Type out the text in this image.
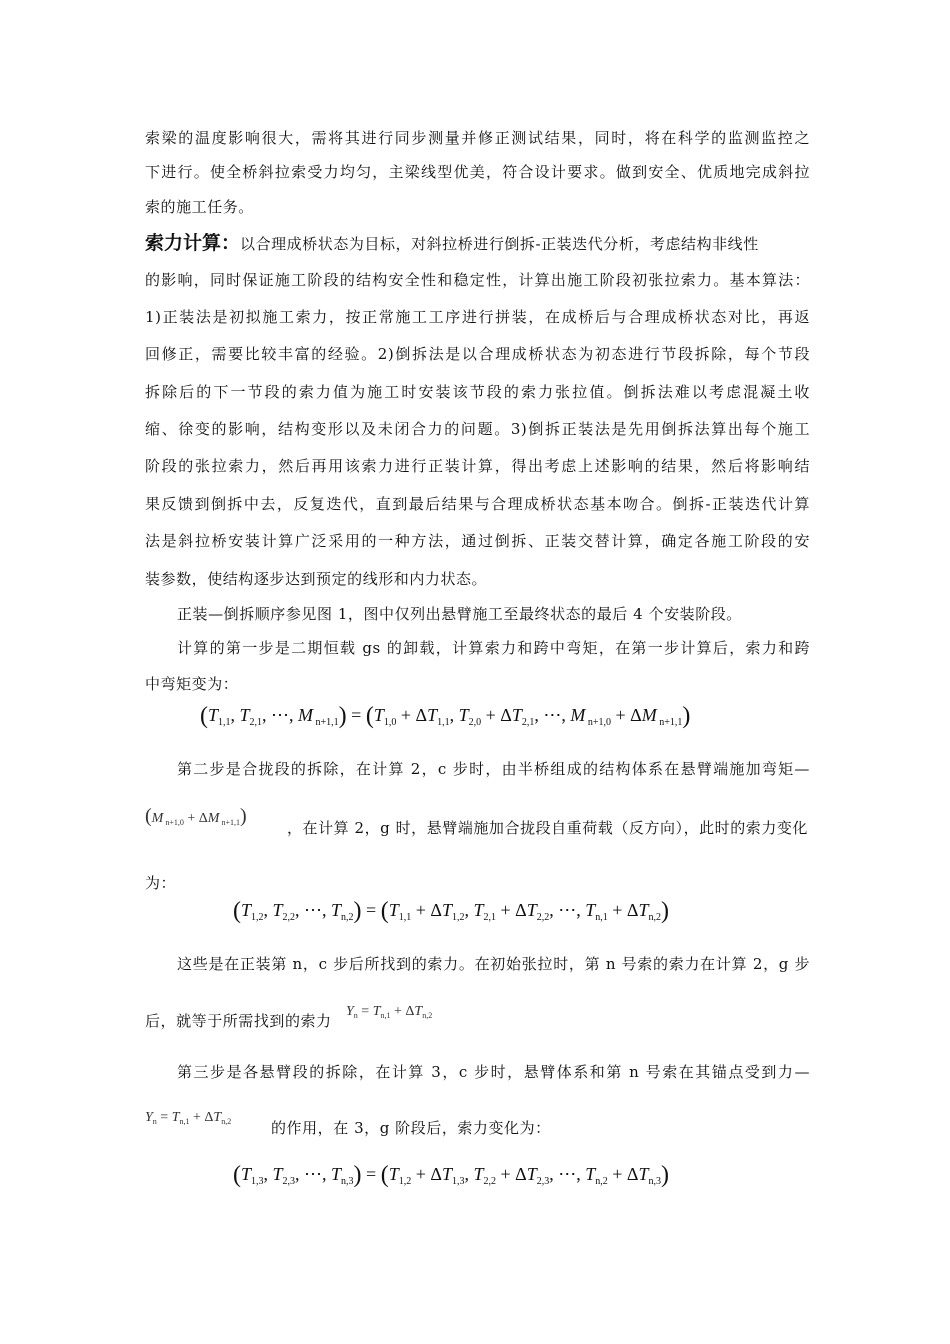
索梁的温度影响很大，需将其进行同步测量并修正测试结果，同时，将在科学的监测监控之
下进行。使全桥斜拉索受力均匀，主梁线型优美，符合设计要求。做到安全、优质地完成斜拉
索的施工任务。
索力计算：以合理成桥状态为目标，对斜拉桥进行倒拆-正装迭代分析，考虑结构非线性
的影响，同时保证施工阶段的结构安全性和稳定性，计算出施工阶段初张拉索力。基本算法：
1)正装法是初拟施工索力，按正常施工工序进行拼装，在成桥后与合理成桥状态对比，再返
回修正，需要比较丰富的经验。2)倒拆法是以合理成桥状态为初态进行节段拆除，每个节段
拆除后的下一节段的索力值为施工时安装该节段的索力张拉值。倒拆法难以考虑混凝土收
缩、徐变的影响，结构变形以及未闭合力的问题。3)倒拆正装法是先用倒拆法算出每个施工
阶段的张拉索力，然后再用该索力进行正装计算，得出考虑上述影响的结果，然后将影响结
果反馈到倒拆中去，反复迭代，直到最后结果与合理成桥状态基本吻合。倒拆-正装迭代计算
法是斜拉桥安装计算广泛采用的一种方法，通过倒拆、正装交替计算，确定各施工阶段的安
装参数，使结构逐步达到预定的线形和内力状态。
正装—倒拆顺序参见图 1，图中仅列出悬臂施工至最终状态的最后 4 个安装阶段。
计算的第一步是二期恒载 gs 的卸载，计算索力和跨中弯矩，在第一步计算后，索力和跨
中弯矩变为：
($T_{1,1}$, $T_{2,1}$, ⋯, M $_{n+1,1}) = (T_{1,0} + \Delta T_{1,1}$, $T_{2,0} + \Delta T_{2,1}$, ⋯, M $_{n+1,0}$ + ΔM $_{n+1,1}$)
第二步是合拢段的拆除，在计算 2，c 步时，由半桥组成的结构体系在悬臂端施加弯矩—
(M $_{n+1,0}$ + ΔM $_{n+1,1}$)
，在计算 2，g 时，悬臂端施加合拢段自重荷载（反方向），此时的索力变化
为：
($T_{1,2}$, $T_{2,2}$, ⋯, $T_{n,2}) = (T_{1,1} + \Delta T_{1,2}$, $T_{2,1} + \Delta T_{2,2}$, ⋯, $T_{n,1} + \Delta T_{n,2}$)
这些是在正装第 n，c 步后所找到的索力。在初始张拉时，第 n 号索的索力在计算 2，g 步
后，就等于所需找到的索力
$Y_n = T_{n,1} + \Delta T_{n,2}$
第三步是各悬臂段的拆除，在计算 3，c 步时，悬臂体系和第 n 号索在其锚点受到力—
$Y_n = T_{n,1} + \Delta T_{n,2}$	的作用，在 3，g 阶段后，索力变化为：
($T_{1,3}$, $T_{2,3}$, ⋯, $T_{n,3}) = (T_{1,2} + \Delta T_{1,3}$, $T_{2,2} + \Delta T_{2,3}$, ⋯, $T_{n,2} + \Delta T_{n,3}$)
